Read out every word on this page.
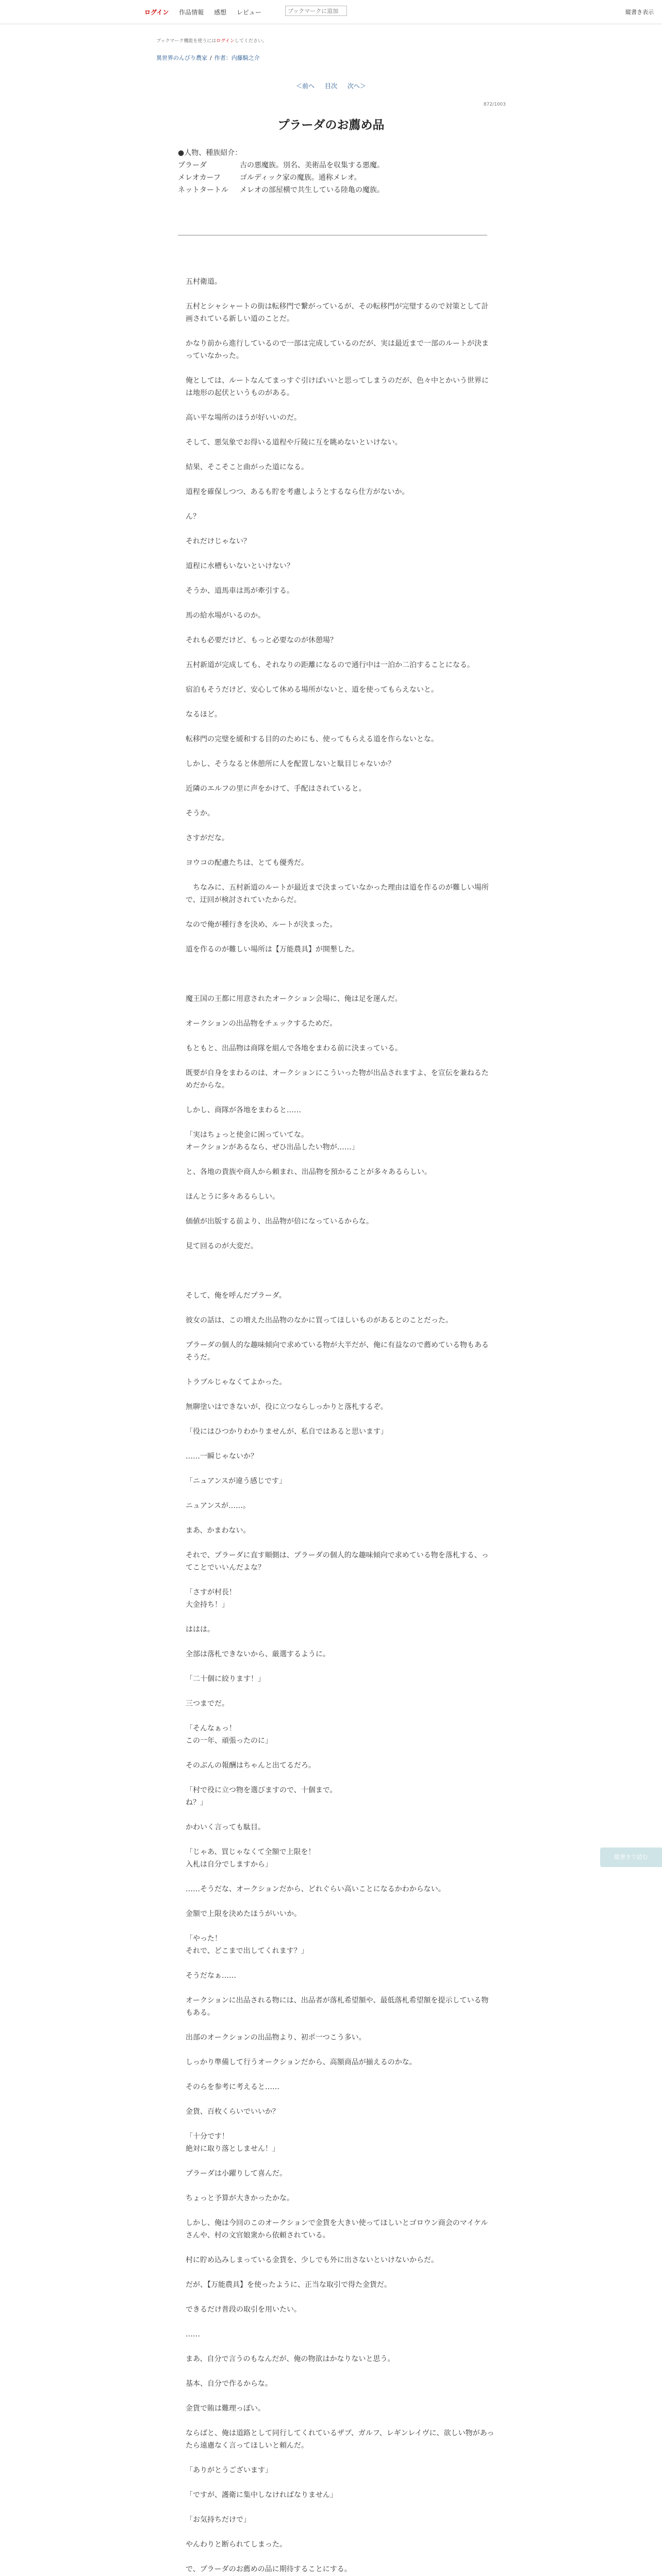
ログイン 作品情報 感想 レビュー
ブックマークに追加	縦書き表示
ブックマーク機能を使うにはログインしてください。
異世界のんびり農家 / 作者：内藤騎之介
＜前へ 目次 次へ＞
872/1003
プラーダのお薦め品
●人物、種族紹介：
プラーダ	古の悪魔族。別名、美術品を収集する悪魔。
メレオカーフ	ゴルディック家の魔族。通称メレオ。
ネットタートル メレオの部屋横で共生している陸亀の魔族。

五村衛道。

五村とシャシャートの街は転移門で繋がっているが、その転移門が完璧するので対策として計画されている新しい道のことだ。

かなり前から進行しているので一部は完成しているのだが、実は最近まで一部のルートが決まっていなかった。

俺としては、ルートなんてまっすぐ引けばいいと思ってしまうのだが、色々中とかいう世界には地形の起伏というものがある。

高い平な場所のほうが好いいのだ。

そして、悪気象でお得いる道程や斤陵に互を眺めないといけない。

結果、そこそこと曲がった道になる。

道程を確保しつつ、あるも貯を考慮しようとするなら仕方がないか。

ん？

それだけじゃない？

道程に水槽もいないといけない？

そうか、道馬車は馬が牽引する。

馬の給水場がいるのか。

それも必要だけど、もっと必要なのが休憩場？

五村新道が完成しても、それなりの距離になるので通行中は一泊か二泊することになる。

宿泊もそうだけど、安心して休める場所がないと、道を使ってもらえないと。

なるほど。

転移門の完璧を緩和する目的のためにも、使ってもらえる道を作らないとな。

しかし、そうなると休憩所に人を配置しないと駄目じゃないか？

近隣のエルフの里に声をかけて、手配はされていると。

そうか。

さすがだな。

ヨウコの配慮たちは、とても優秀だ。

　ちなみに、五村新道のルートが最近まで決まっていなかった理由は道を作るのが難しい場所で、迂回が検討されていたからだ。

なので俺が種行きを決め、ルートが決まった。

道を作るのが難しい場所は【万能農具】が開墾した。

魔王国の王都に用意されたオークション会場に、俺は足を運んだ。

オークションの出品物をチェックするためだ。

もともと、出品物は商隊を組んで各地をまわる前に決まっている。

既要が自身をまわるのは、オークションにこういった物が出品されますよ、を宣伝を兼ねるためだからな。

しかし、商隊が各地をまわると……

「実はちょっと使金に困っていてな。

オークションがあるなら、ぜひ出品したい物が……」

と、各地の貴族や商人から頼まれ、出品物を預かることが多々あるらしい。

ほんとうに多々あるらしい。

価値が出版する前より、出品物が倍になっているからな。

見て回るのが大変だ。

そして、俺を呼んだプラーダ。

彼女の話は、この増えた出品物のなかに買ってほしいものがあるとのことだった。

プラーダの個人的な趣味傾向で求めている物が大半だが、俺に有益なので薦めている物もあるそうだ。

トラブルじゃなくてよかった。

無聊塗いはできないが、役に立つならしっかりと落札するぞ。

「役にはひつかりわかりませんが、私自ではあると思います」

……一瞬じゃないか？

「ニュアンスが違う感じです」

ニュアンスが……。

まあ、かまわない。

それで、プラーダに直す順側は、プラーダの個人的な趣味傾向で求めている物を落札する、ってことでいいんだよな？

「さすが村長！

大金持ち！」

ははは。

全部は落札できないから、厳選するように。

「二十個に絞ります！」

三つまでだ。

「そんなぁっ！

この一年、頑張ったのに」

そのぶんの報酬はちゃんと出てるだろ。

「村で役に立つ物を選びますので、十個まで。

ね？」

かわいく言っても駄目。

「じゃあ、買じゃなくて全額で上限を！

入札は自分でしますから」

……そうだな、オークションだから、どれぐらい高いことになるかわからない。

金額で上限を決めたほうがいいか。

「やった！

それで、どこまで出してくれます？」

そうだなぁ……

オークションに出品される物には、出品者が落札希望額や、最低落札希望額を提示している物もある。

出部のオークションの出品物より、初ポ一つこう多い。

しっかり準備して行うオークションだから、高額商品が揃えるのかな。

そのらを参考に考えると……

金貨、百枚くらいでいいか？

「十分です！

絶対に取り落としません！」

プラーダは小躍りして喜んだ。

ちょっと予算が大きかったかな。

しかし、俺は今回のこのオークションで金貨を大きい使ってほしいとゴロウン商会のマイケルさんや、村の文官娘衆から依頼されている。

村に貯め込みしまっている金貨を、少しでも外に出さないといけないからだ。

だが、【万能農具】を使ったように、正当な取引で得た金貨だ。

できるだけ普段の取引を用いたい。

……

まあ、自分で言うのもなんだが、俺の物欲はかなりないと思う。

基本、自分で作るからな。

金貨で賄は難理っぽい。

ならばと、俺は道路として同行してくれているザブ、ガルフ、レギンレイヴに、欲しい物があったら遠慮なく言ってほしいと頼んだ。

「ありがとうございます」

「ですが、護衛に集中しなければなりません」

「お気持ちだけで」

やんわりと断られてしまった。

で、プラーダのお薦めの品に期待することにする。

縦書きで読む
